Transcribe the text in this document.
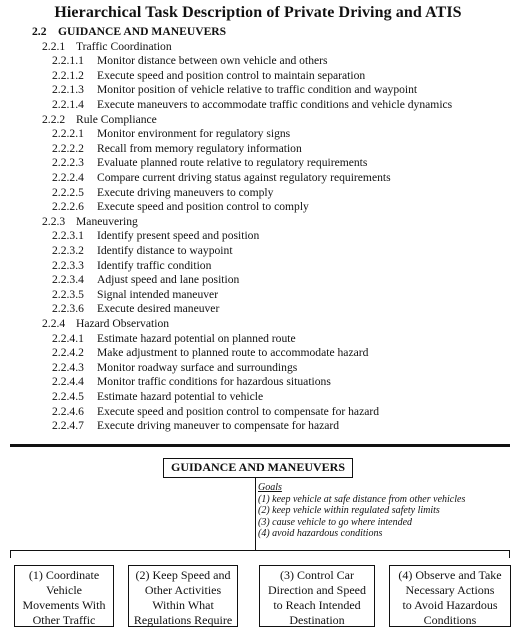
Hierarchical Task Description of Private Driving and ATIS
2.2 GUIDANCE AND MANEUVERS
2.2.1 Traffic Coordination
2.2.1.1 Monitor distance between own vehicle and others
2.2.1.2 Execute speed and position control to maintain separation
2.2.1.3 Monitor position of vehicle relative to traffic condition and waypoint
2.2.1.4 Execute maneuvers to accommodate traffic conditions and vehicle dynamics
2.2.2 Rule Compliance
2.2.2.1 Monitor environment for regulatory signs
2.2.2.2 Recall from memory regulatory information
2.2.2.3 Evaluate planned route relative to regulatory requirements
2.2.2.4 Compare current driving status against regulatory requirements
2.2.2.5 Execute driving maneuvers to comply
2.2.2.6 Execute speed and position control to comply
2.2.3 Maneuvering
2.2.3.1 Identify present speed and position
2.2.3.2 Identify distance to waypoint
2.2.3.3 Identify traffic condition
2.2.3.4 Adjust speed and lane position
2.2.3.5 Signal intended maneuver
2.2.3.6 Execute desired maneuver
2.2.4 Hazard Observation
2.2.4.1 Estimate hazard potential on planned route
2.2.4.2 Make adjustment to planned route to accommodate hazard
2.2.4.3 Monitor roadway surface and surroundings
2.2.4.4 Monitor traffic conditions for hazardous situations
2.2.4.5 Estimate hazard potential to vehicle
2.2.4.6 Execute speed and position control to compensate for hazard
2.2.4.7 Execute driving maneuver to compensate for hazard
GUIDANCE AND MANEUVERS
Goals
(1) keep vehicle at safe distance from other vehicles
(2) keep vehicle within regulated safety limits
(3) cause vehicle to go where intended
(4) avoid hazardous conditions
(1) Coordinate
Vehicle
Movements With
Other Traffic
(2) Keep Speed and
Other Activities
Within What
Regulations Require
(3) Control Car
Direction and Speed
to Reach Intended
Destination
(4) Observe and Take
Necessary Actions
to Avoid Hazardous
Conditions
